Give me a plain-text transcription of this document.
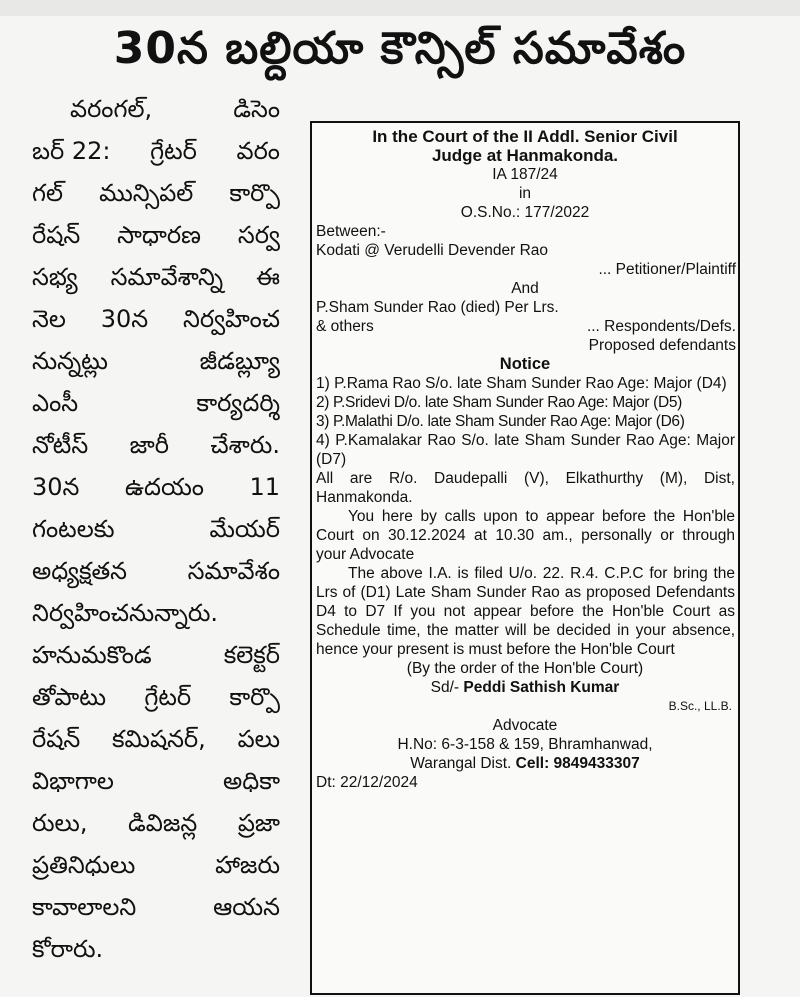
30న బల్దియా కౌన్సిల్ సమావేశం
వరంగల్,	డిసెం
బర్ 22: గ్రేటర్ వరం
గల్ మున్సిపల్ కార్పొ
రేషన్ సాధారణ సర్వ
సభ్య సమావేశాన్ని ఈ
నెల 30న నిర్వహించ
నున్నట్లు	జీడబ్ల్యూ
ఎంసీ	కార్యదర్శి
నోటీస్ జారీ చేశారు.
30న ఉదయం 11
గంటలకు	మేయర్
అధ్యక్షతన	సమావేశం
నిర్వహించనున్నారు.
హనుమకొండ	కలెక్టర్
తోపాటు గ్రేటర్ కార్పొ
రేషన్ కమిషనర్, పలు
విభాగాల	అధికా
రులు, డివిజన్ల ప్రజా
ప్రతినిధులు	హాజరు
కావాలాలని	ఆయన
కోరారు.
In the Court of the II Addl. Senior Civil
Judge at Hanmakonda.
IA 187/24
in
O.S.No.: 177/2022
Between:-
Kodati @ Verudelli Devender Rao
... Petitioner/Plaintiff
And
P.Sham Sunder Rao (died) Per Lrs.
& others	... Respondents/Defs.
Proposed defendants
Notice
1) P.Rama Rao S/o. late Sham Sunder Rao Age: Major (D4)
2) P.Sridevi D/o. late Sham Sunder Rao Age: Major (D5)
3) P.Malathi D/o. late Sham Sunder Rao Age: Major (D6)
4) P.Kamalakar Rao S/o. late Sham Sunder Rao Age: Major (D7)
All are R/o. Daudepalli (V), Elkathurthy (M), Dist, Hanmakonda.
You here by calls upon to appear before the Hon'ble Court on 30.12.2024 at 10.30 am., personally or through your Advocate
The above I.A. is filed U/o. 22. R.4. C.P.C for bring the Lrs of (D1) Late Sham Sunder Rao as proposed Defendants D4 to D7 If you not appear before the Hon'ble Court as Schedule time, the matter will be decided in your absence, hence your present is must before the Hon'ble Court
(By the order of the Hon'ble Court)
Sd/- Peddi Sathish Kumar
B.Sc., LL.B.
Advocate
H.No: 6-3-158 & 159, Bhramhanwad,
Warangal Dist. Cell: 9849433307
Dt: 22/12/2024
